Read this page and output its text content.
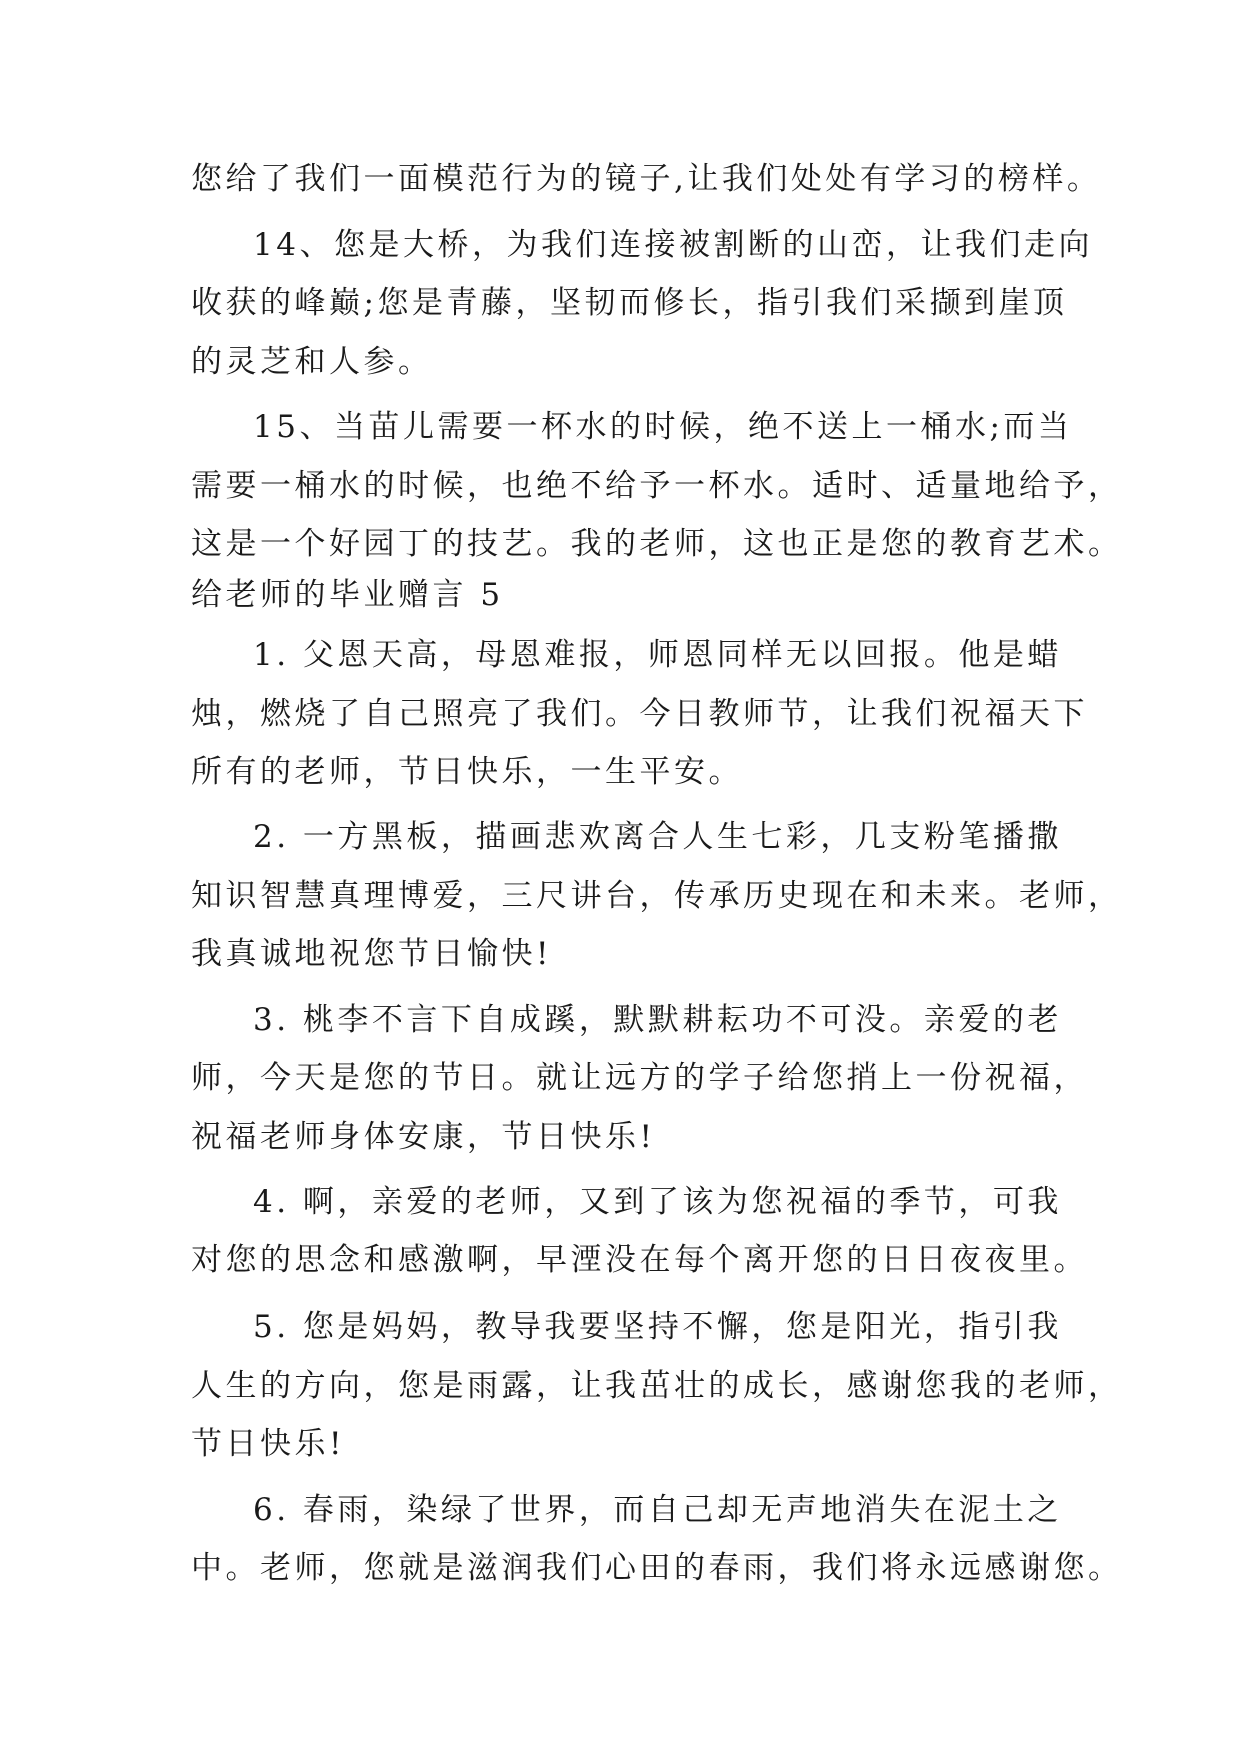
您给了我们一面模范行为的镜子,让我们处处有学习的榜样。
14、您是大桥，为我们连接被割断的山峦，让我们走向
收获的峰巅;您是青藤，坚韧而修长，指引我们采撷到崖顶
的灵芝和人参。
15、当苗儿需要一杯水的时候，绝不送上一桶水;而当
需要一桶水的时候，也绝不给予一杯水。适时、适量地给予，
这是一个好园丁的技艺。我的老师，这也正是您的教育艺术。
给老师的毕业赠言 5
1. 父恩天高，母恩难报，师恩同样无以回报。他是蜡
烛，燃烧了自己照亮了我们。今日教师节，让我们祝福天下
所有的老师，节日快乐，一生平安。
2. 一方黑板，描画悲欢离合人生七彩，几支粉笔播撒
知识智慧真理博爱，三尺讲台，传承历史现在和未来。老师，
我真诚地祝您节日愉快!
3. 桃李不言下自成蹊，默默耕耘功不可没。亲爱的老
师，今天是您的节日。就让远方的学子给您捎上一份祝福，
祝福老师身体安康，节日快乐!
4. 啊，亲爱的老师，又到了该为您祝福的季节，可我
对您的思念和感激啊，早湮没在每个离开您的日日夜夜里。
5. 您是妈妈，教导我要坚持不懈，您是阳光，指引我
人生的方向，您是雨露，让我茁壮的成长，感谢您我的老师，
节日快乐!
6. 春雨，染绿了世界，而自己却无声地消失在泥土之
中。老师，您就是滋润我们心田的春雨，我们将永远感谢您。
